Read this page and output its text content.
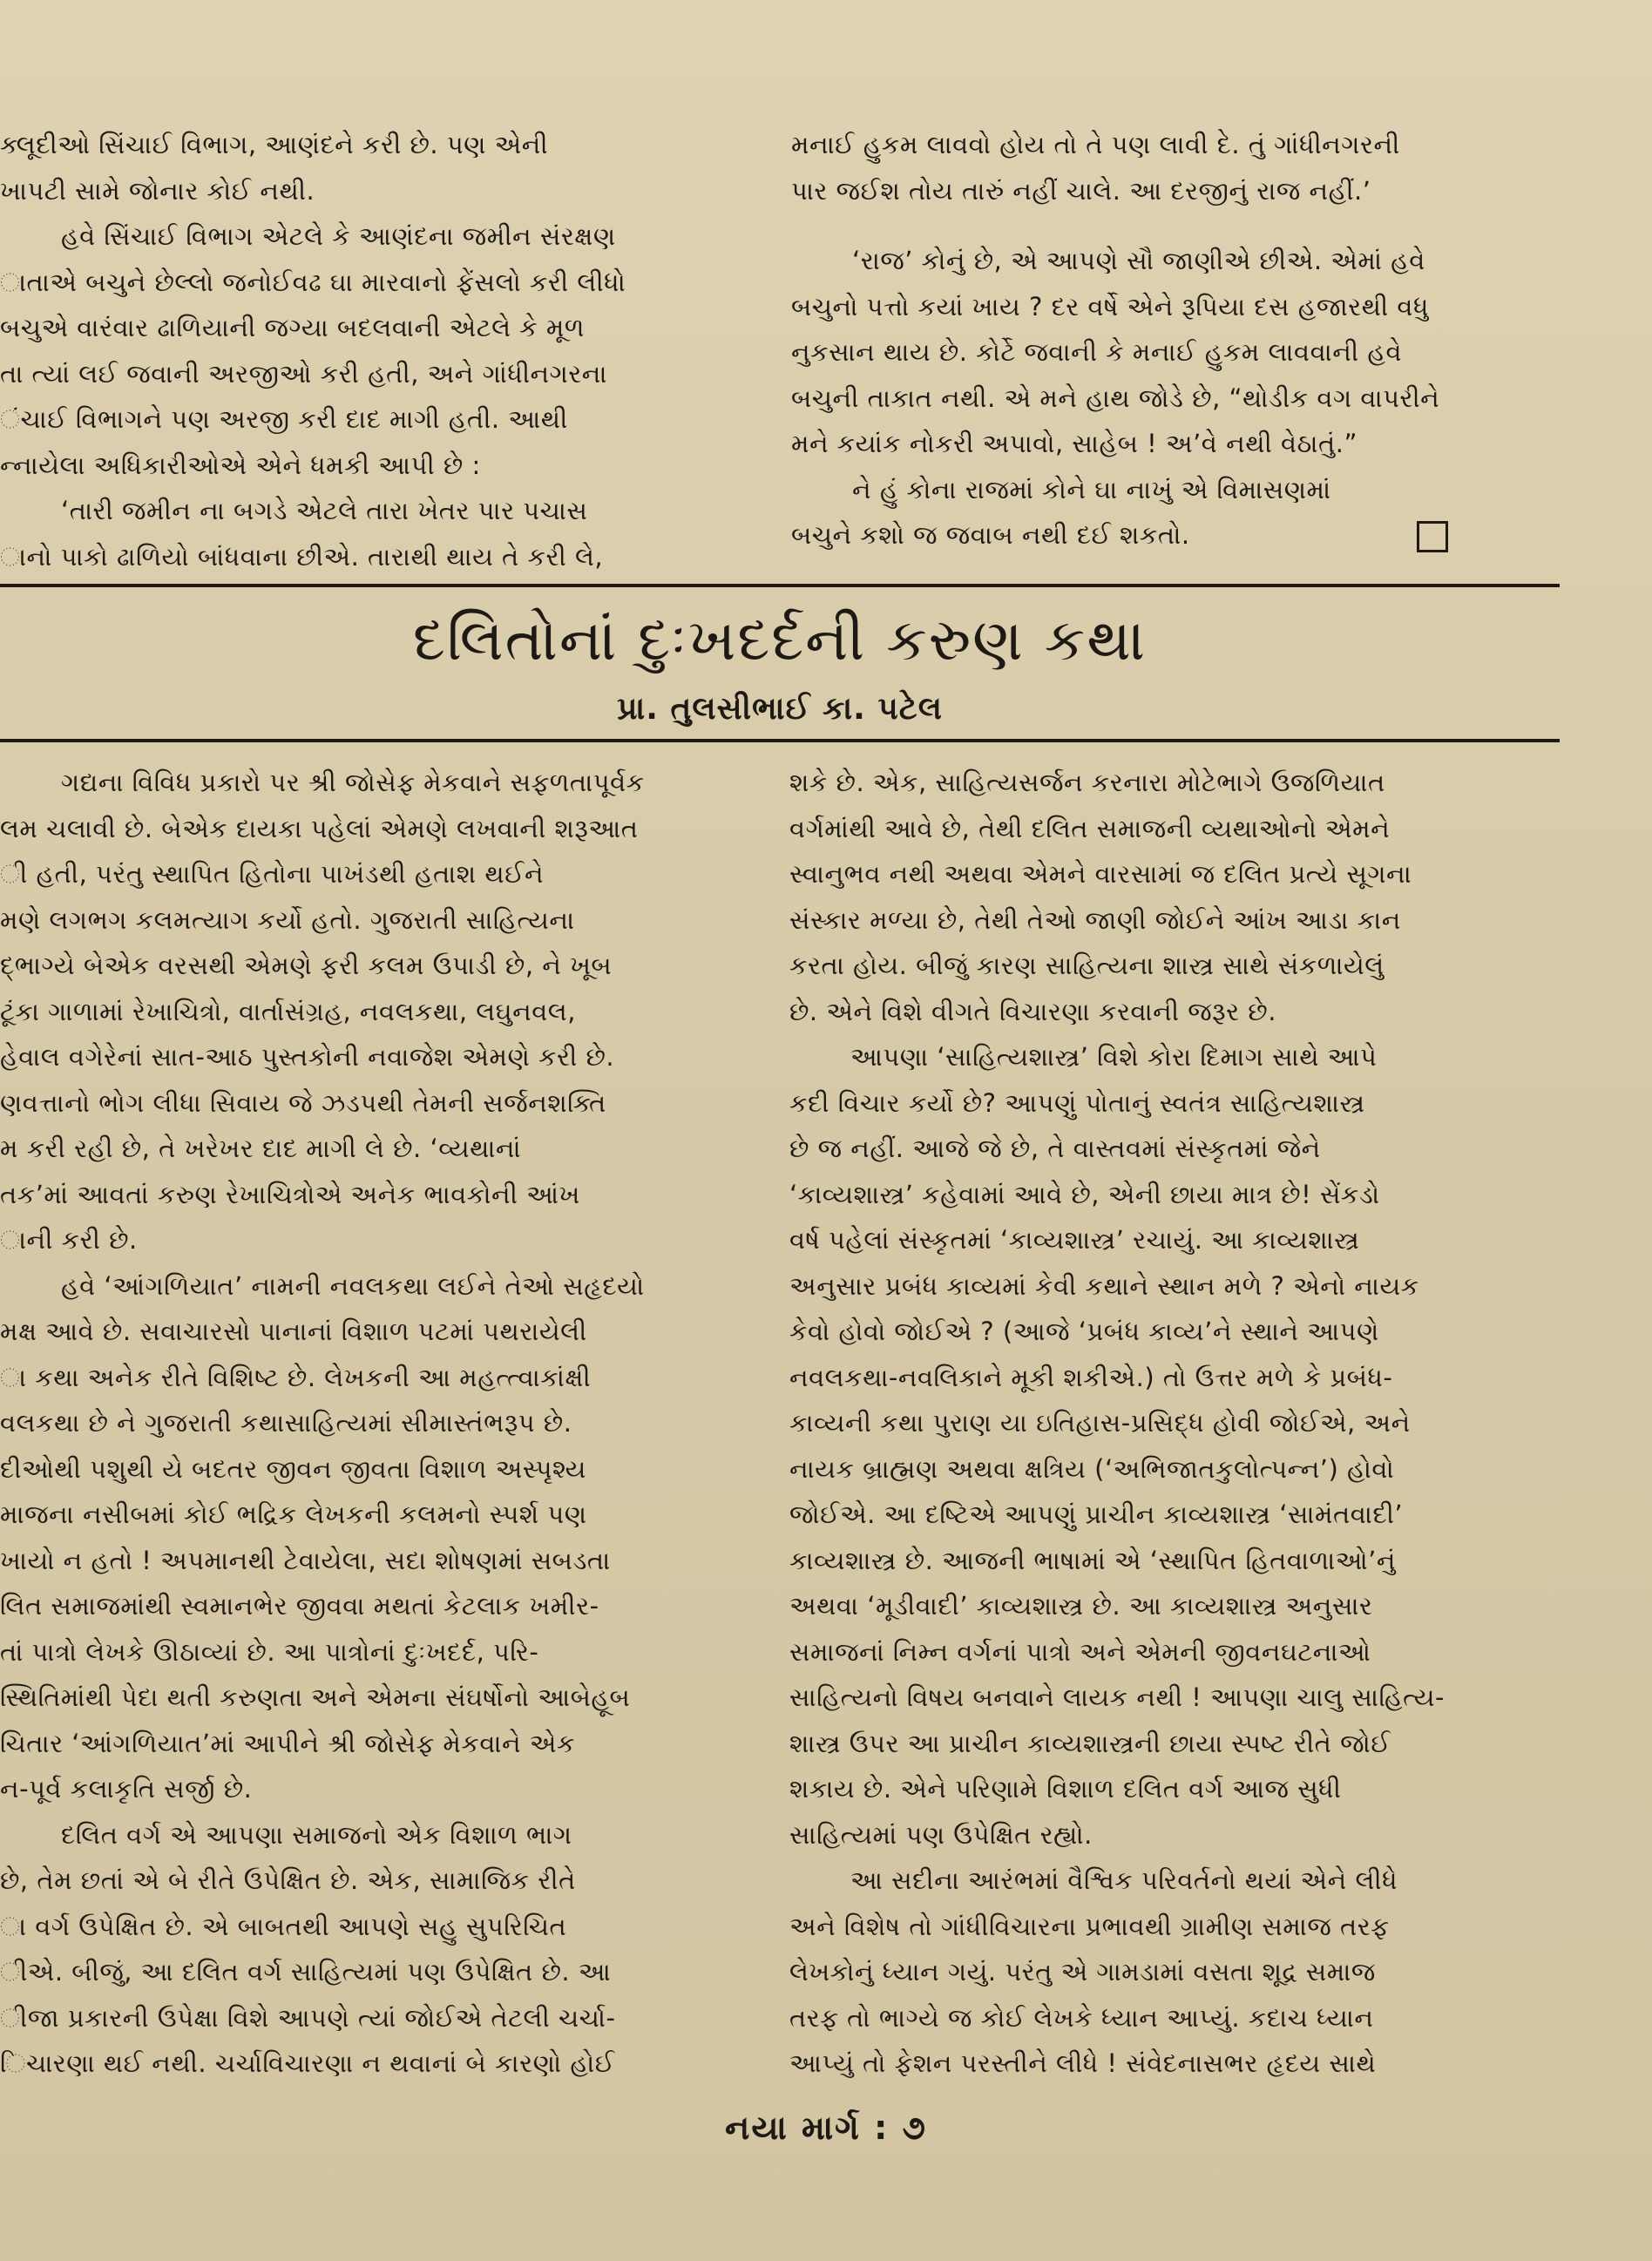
ક્લૂદીઓ સિંચાઈ વિભાગ, આણંદને કરી છે. પણ એની

ખાપટી સામે જોનાર કોઈ નથી.

હવે સિંચાઈ વિભાગ એટલે કે આણંદના જમીન સંરક્ષણ

ાતાએ બચુને છેલ્લો જનોઈવઢ ઘા મારવાનો ફેંસલો કરી લીધો

બચુએ વારંવાર ઢાળિયાની જગ્યા બદલવાની એટલે કે મૂળ

તા ત્યાં લઈ જવાની અરજીઓ કરી હતી, અને ગાંધીનગરના

ંચાઈ વિભાગને પણ અરજી કરી દાદ માગી હતી. આથી

ન્નાયેલા અધિકારીઓએ એને ધમકી આપી છે :

‘તારી જમીન ના બગડે એટલે તારા ખેતર પાર પચાસ

ાનો પાકો ઢાળિયો બાંધવાના છીએ. તારાથી થાય તે કરી લે,

મનાઈ હુકમ લાવવો હોય તો તે પણ લાવી દે. તું ગાંધીનગરની

પાર જઈશ તોય તારું નહીં ચાલે. આ દરજીનું રાજ નહીં.’

‘રાજ’ કોનું છે, એ આપણે સૌ જાણીએ છીએ. એમાં હવે

બચુનો પત્તો કયાં ખાય ? દર વર્ષે એને રૂપિયા દસ હજારથી વધુ

નુકસાન થાય છે. કોર્ટે જવાની કે મનાઈ હુકમ લાવવાની હવે

બચુની તાકાત નથી. એ મને હાથ જોડે છે, “થોડીક વગ વાપરીને

મને કયાંક નોકરી અપાવો, સાહેબ ! અ’વે નથી વેઠાતું.”

ને હું કોના રાજમાં કોને ઘા નાખું એ વિમાસણમાં

બચુને કશો જ જવાબ નથી દઈ શકતો.

દલિતોનાં દુઃખદર્દની કરુણ કથા

પ્રા. તુલસીભાઈ કા. પટેલ

ગદ્યના વિવિધ પ્રકારો પર શ્રી જોસેફ મેકવાને સફળતાપૂર્વક

લમ ચલાવી છે. બેએક દાયકા પહેલાં એમણે લખવાની શરૂઆત

ી હતી, પરંતુ સ્થાપિત હિતોના પાખંડથી હતાશ થઈને

મણે લગભગ કલમત્યાગ કર્યો હતો. ગુજરાતી સાહિત્યના

દ્ભાગ્યે બેએક વરસથી એમણે ફરી કલમ ઉપાડી છે, ને ખૂબ

ટૂંકા ગાળામાં રેખાચિત્રો, વાર્તાસંગ્રહ, નવલકથા, લઘુનવલ,

હેવાલ વગેરેનાં સાત-આઠ પુસ્તકોની નવાજેશ એમણે કરી છે.

ણવત્તાનો ભોગ લીધા સિવાય જે ઝડપથી તેમની સર્જનશક્તિ

મ કરી રહી છે, તે ખરેખર દાદ માગી લે છે. ‘વ્યથાનાં

તક’માં આવતાં કરુણ રેખાચિત્રોએ અનેક ભાવકોની આંખ

ાની કરી છે.

હવે ‘આંગળિયાત’ નામની નવલકથા લઈને તેઓ સહૃદયો

મક્ષ આવે છે. સવાચારસો પાનાનાં વિશાળ પટમાં પથરાયેલી

ા કથા અનેક રીતે વિશિષ્ટ છે. લેખકની આ મહત્ત્વાકાંક્ષી

વલકથા છે ને ગુજરાતી કથાસાહિત્યમાં સીમાસ્તંભરૂપ છે.

દીઓથી પશુથી યે બદતર જીવન જીવતા વિશાળ અસ્પૃશ્ય

માજના નસીબમાં કોઈ ભદ્રિક લેખકની કલમનો સ્પર્શ પણ

ખાયો ન હતો ! અપમાનથી ટેવાયેલા, સદા શોષણમાં સબડતા

લિત સમાજમાંથી સ્વમાનભેર જીવવા મથતાં કેટલાક ખમીર-

તાં પાત્રો લેખકે ઊઠાવ્યાં છે. આ પાત્રોનાં દુઃખદર્દ, પરિ-

સ્થિતિમાંથી પેદા થતી કરુણતા અને એમના સંઘર્ષોનો આબેહૂબ

ચિતાર ‘આંગળિયાત’માં આપીને શ્રી જોસેફ મેકવાને એક

ન-પૂર્વ કલાકૃતિ સર્જી છે.

દલિત વર્ગ એ આપણા સમાજનો એક વિશાળ ભાગ

છે, તેમ છતાં એ બે રીતે ઉપેક્ષિત છે. એક, સામાજિક રીતે

ા વર્ગ ઉપેક્ષિત છે. એ બાબતથી આપણે સહુ સુપરિચિત

ીએ. બીજું, આ દલિત વર્ગ સાહિત્યમાં પણ ઉપેક્ષિત છે. આ

ીજા પ્રકારની ઉપેક્ષા વિશે આપણે ત્યાં જોઈએ તેટલી ચર્ચા-

િચારણા થઈ નથી. ચર્ચાવિચારણા ન થવાનાં બે કારણો હોઈ

શકે છે. એક, સાહિત્યસર્જન કરનારા મોટેભાગે ઉજળિયાત

વર્ગમાંથી આવે છે, તેથી દલિત સમાજની વ્યથાઓનો એમને

સ્વાનુભવ નથી અથવા એમને વારસામાં જ દલિત પ્રત્યે સૂગના

સંસ્કાર મળ્યા છે, તેથી તેઓ જાણી જોઈને આંખ આડા કાન

કરતા હોય. બીજું કારણ સાહિત્યના શાસ્ત્ર સાથે સંકળાયેલું

છે. એને વિશે વીગતે વિચારણા કરવાની જરૂર છે.

આપણા ‘સાહિત્યશાસ્ત્ર’ વિશે કોરા દિમાગ સાથે આપે

કદી વિચાર કર્યો છે? આપણું પોતાનું સ્વતંત્ર સાહિત્યશાસ્ત્ર

છે જ નહીં. આજે જે છે, તે વાસ્તવમાં સંસ્કૃતમાં જેને

‘કાવ્યશાસ્ત્ર’ કહેવામાં આવે છે, એની છાયા માત્ર છે! સેંકડો

વર્ષ પહેલાં સંસ્કૃતમાં ‘કાવ્યશાસ્ત્ર’ રચાયું. આ કાવ્યશાસ્ત્ર

અનુસાર પ્રબંધ કાવ્યમાં કેવી કથાને સ્થાન મળે ? એનો નાયક

કેવો હોવો જોઈએ ? (આજે ‘પ્રબંધ કાવ્ય’ને સ્થાને આપણે

નવલકથા-નવલિકાને મૂકી શકીએ.) તો ઉત્તર મળે કે પ્રબંધ-

કાવ્યની કથા પુરાણ યા ઇતિહાસ-પ્રસિદ્ધ હોવી જોઈએ, અને

નાયક બ્રાહ્મણ અથવા ક્ષત્રિય (‘અભિજાતકુલોત્પન્ન’) હોવો

જોઈએ. આ દષ્ટિએ આપણું પ્રાચીન કાવ્યશાસ્ત્ર ‘સામંતવાદી’

કાવ્યશાસ્ત્ર છે. આજની ભાષામાં એ ‘સ્થાપિત હિતવાળાઓ’નું

અથવા ‘મૂડીવાદી’ કાવ્યશાસ્ત્ર છે. આ કાવ્યશાસ્ત્ર અનુસાર

સમાજનાં નિમ્ન વર્ગનાં પાત્રો અને એમની જીવનઘટનાઓ

સાહિત્યનો વિષય બનવાને લાયક નથી ! આપણા ચાલુ સાહિત્ય-

શાસ્ત્ર ઉપર આ પ્રાચીન કાવ્યશાસ્ત્રની છાયા સ્પષ્ટ રીતે જોઈ

શકાય છે. એને પરિણામે વિશાળ દલિત વર્ગ આજ સુધી

સાહિત્યમાં પણ ઉપેક્ષિત રહ્યો.

આ સદીના આરંભમાં વૈશ્વિક પરિવર્તનો થયાં એને લીધે

અને વિશેષ તો ગાંધીવિચારના પ્રભાવથી ગ્રામીણ સમાજ તરફ

લેખકોનું ધ્યાન ગયું. પરંતુ એ ગામડામાં વસતા શૂદ્ર સમાજ

તરફ તો ભાગ્યે જ કોઈ લેખકે ધ્યાન આપ્યું. કદાચ ધ્યાન

આપ્યું તો ફેશન પરસ્તીને લીધે ! સંવેદનાસભર હૃદય સાથે

નયા માર્ગ : ૭
